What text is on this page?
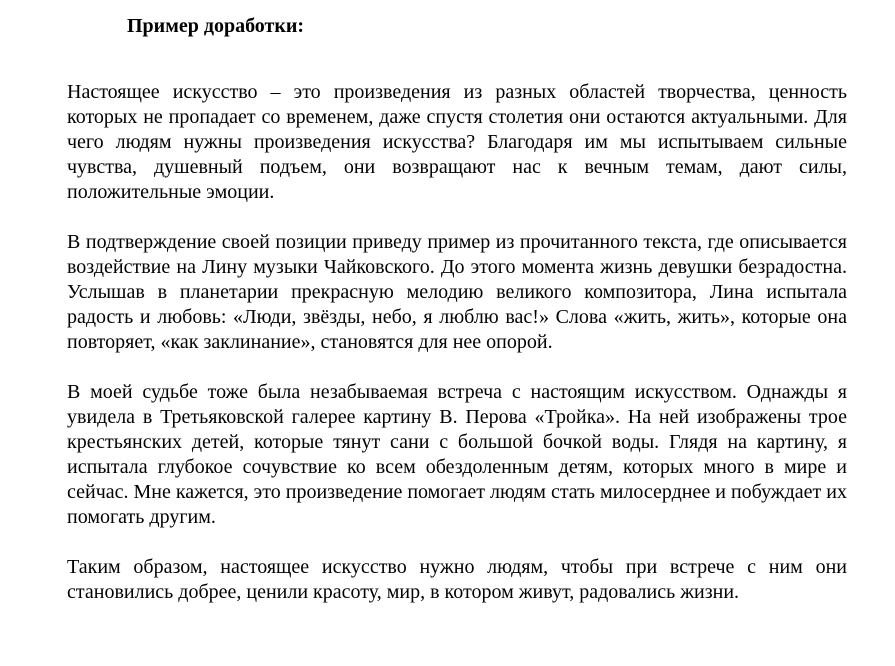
Пример доработки:

Настоящее искусство – это произведения из разных областей творчества, ценность которых не пропадает со временем, даже спустя столетия они остаются актуальными. Для чего людям нужны произведения искусства? Благодаря им мы испытываем сильные чувства, душевный подъем, они возвращают нас к вечным темам, дают силы, положительные эмоции.

В подтверждение своей позиции приведу пример из прочитанного текста, где описывается воздействие на Лину музыки Чайковского. До этого момента жизнь девушки безрадостна. Услышав в планетарии прекрасную мелодию великого композитора, Лина испытала радость и любовь: «Люди, звёзды, небо, я люблю вас!» Слова «жить, жить», которые она повторяет, «как заклинание», становятся для нее опорой.

В моей судьбе тоже была незабываемая встреча с настоящим искусством. Однажды я увидела в Третьяковской галерее картину В. Перова «Тройка». На ней изображены трое крестьянских детей, которые тянут сани с большой бочкой воды. Глядя на картину, я испытала глубокое сочувствие ко всем обездоленным детям, которых много в мире и сейчас. Мне кажется, это произведение помогает людям стать милосерднее и побуждает их помогать другим.

Таким образом, настоящее искусство нужно людям, чтобы при встрече с ним они становились добрее, ценили красоту, мир, в котором живут, радовались жизни.
